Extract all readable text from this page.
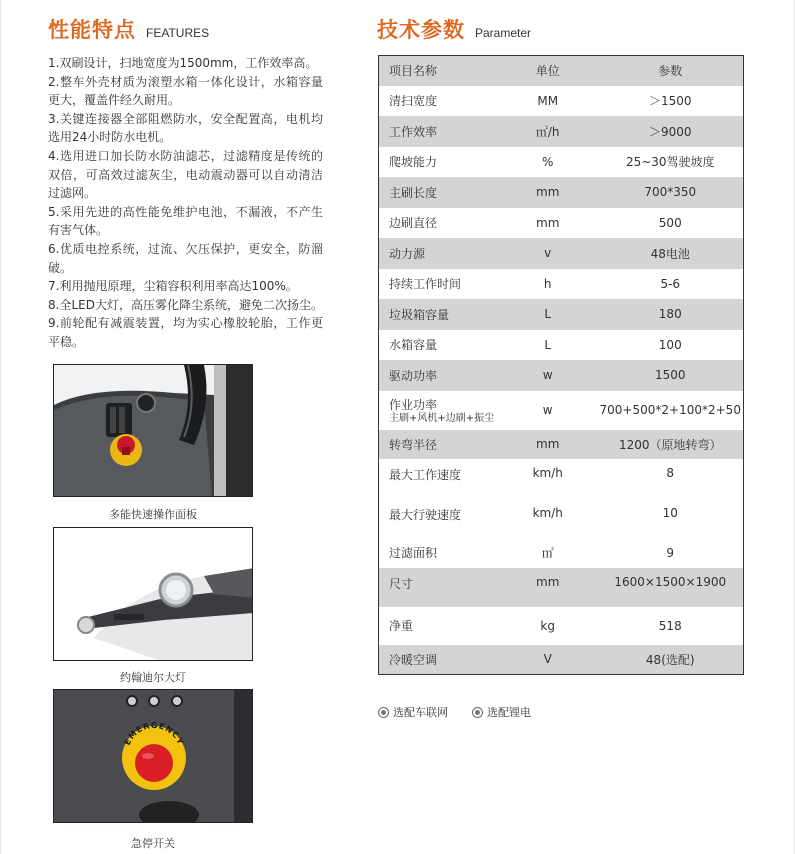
性能特点 FEATURES
1.双刷设计，扫地宽度为1500mm，工作效率高。
2.整车外壳材质为滚塑水箱一体化设计，水箱容量更大，覆盖件经久耐用。
3.关键连接器全部阻燃防水，安全配置高，电机均选用24小时防水电机。
4.选用进口加长防水防油滤芯，过滤精度是传统的双倍，可高效过滤灰尘，电动震动器可以自动清洁过滤网。
5.采用先进的高性能免维护电池，不漏液，不产生有害气体。
6.优质电控系统，过流、欠压保护，更安全，防溜破。
7.利用抛甩原理，尘箱容积利用率高达100%。
8.全LED大灯，高压雾化降尘系统，避免二次扬尘。
9.前轮配有减震装置，均为实心橡胶轮胎，工作更平稳。
多能快速操作面板
约翰迪尔大灯
EMERGENCY
急停开关
技术参数 Parameter
项目名称	单位	参数
清扫宽度	MM	＞1500
工作效率	㎡/h	＞9000
爬坡能力	%	25~30驾驶坡度
主刷长度	mm	700*350
边刷直径	mm	500
动力源	v	48电池
持续工作时间	h	5-6
垃圾箱容量	L	180
水箱容量	L	100
驱动功率	w	1500
作业功率
主刷+风机+边刷+振尘	w	700+500*2+100*2+50
转弯半径	mm	1200（原地转弯）
最大工作速度	km/h	8
最大行驶速度	km/h	10
过滤面积	㎡	9
尺寸	mm	1600×1500×1900
净重	kg	518
冷暖空调	V	48(选配)
选配车联网	选配锂电
